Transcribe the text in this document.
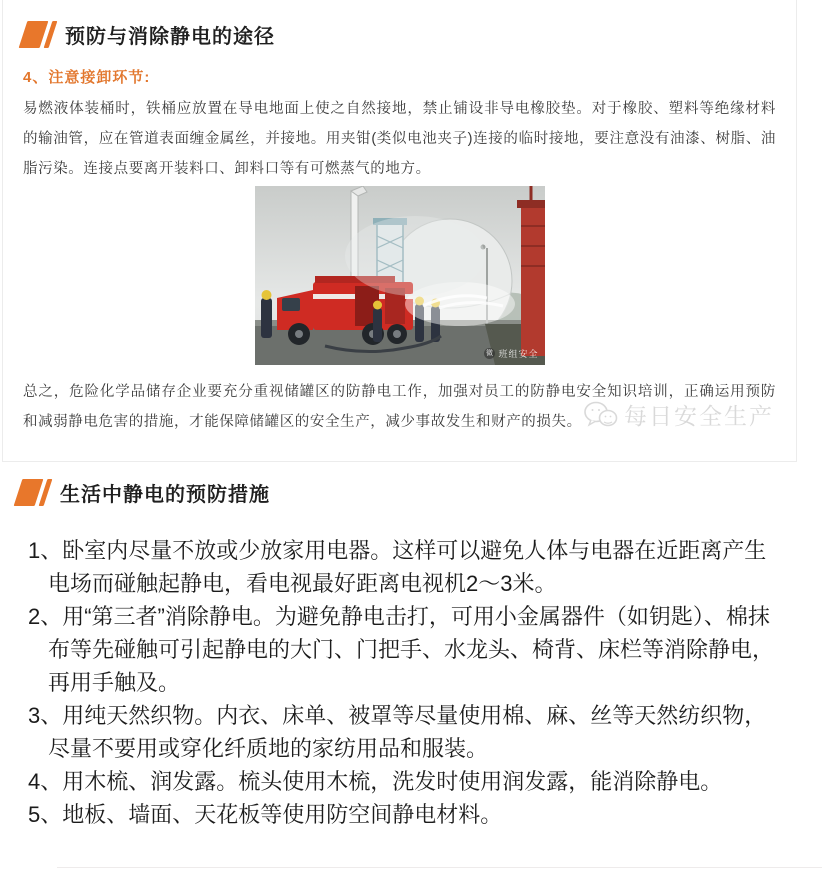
预防与消除静电的途径
4、注意接卸环节:
易燃液体装桶时，铁桶应放置在导电地面上使之自然接地，禁止铺设非导电橡胶垫。对于橡胶、塑料等绝缘材料的输油管，应在管道表面缠金属丝，并接地。用夹钳(类似电池夹子)连接的临时接地，要注意没有油漆、树脂、油脂污染。连接点要离开装料口、卸料口等有可燃蒸气的地方。
微 班组安全
总之，危险化学品储存企业要充分重视储罐区的防静电工作，加强对员工的防静电安全知识培训，正确运用预防和减弱静电危害的措施，才能保障储罐区的安全生产，减少事故发生和财产的损失。	每日安全生产
生活中静电的预防措施
1、卧室内尽量不放或少放家用电器。这样可以避免人体与电器在近距离产生电场而碰触起静电，看电视最好距离电视机2～3米。
2、用“第三者”消除静电。为避免静电击打，可用小金属器件（如钥匙）、棉抹布等先碰触可引起静电的大门、门把手、水龙头、椅背、床栏等消除静电，再用手触及。
3、用纯天然织物。内衣、床单、被罩等尽量使用棉、麻、丝等天然纺织物，尽量不要用或穿化纤质地的家纺用品和服装。
4、用木梳、润发露。梳头使用木梳，洗发时使用润发露，能消除静电。
5、地板、墙面、天花板等使用防空间静电材料。
